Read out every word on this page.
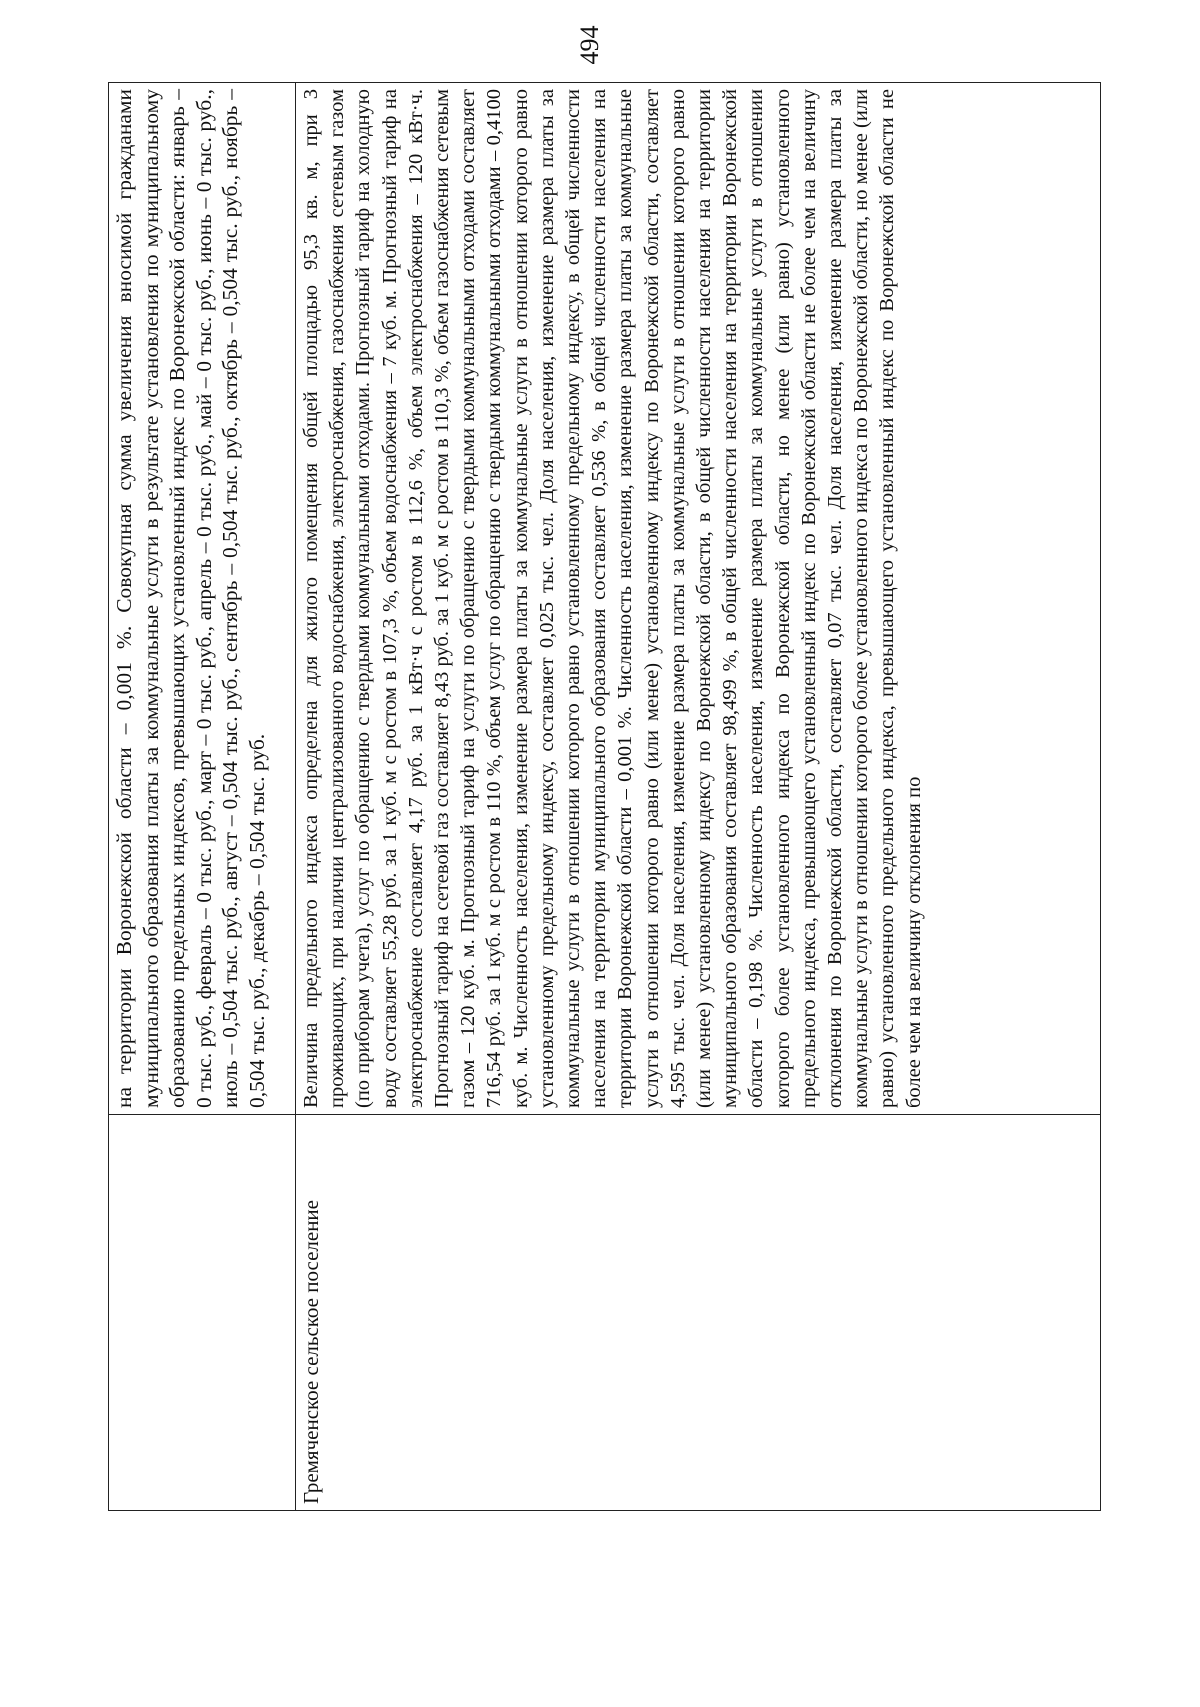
494

	на территории Воронежской области – 0,001 %. Совокупная сумма увеличения вносимой гражданами муниципального образования платы за коммунальные услуги в результате установления по муниципальному образованию предельных индексов, превышающих установленный индекс по Воронежской области: январь – 0 тыс. руб., февраль – 0 тыс. руб., март – 0 тыс. руб., апрель – 0 тыс. руб., май – 0 тыс. руб., июнь – 0 тыс. руб., июль – 0,504 тыс. руб., август – 0,504 тыс. руб., сентябрь – 0,504 тыс. руб., октябрь – 0,504 тыс. руб., ноябрь – 0,504 тыс. руб., декабрь – 0,504 тыс. руб.

Гремяченское сельское поселение	Величина предельного индекса определена для жилого помещения общей площадью 95,3 кв. м, при 3 проживающих, при наличии централизованного водоснабжения, электроснабжения, газоснабжения сетевым газом (по приборам учета), услуг по обращению с твердыми коммунальными отходами. Прогнозный тариф на холодную воду составляет 55,28 руб. за 1 куб. м с ростом в 107,3 %, объем водоснабжения – 7 куб. м. Прогнозный тариф на электроснабжение составляет 4,17 руб. за 1 кВт·ч с ростом в 112,6 %, объем электроснабжения – 120 кВт·ч. Прогнозный тариф на сетевой газ составляет 8,43 руб. за 1 куб. м с ростом в 110,3 %, объем газоснабжения сетевым газом – 120 куб. м. Прогнозный тариф на услуги по обращению с твердыми коммунальными отходами составляет 716,54 руб. за 1 куб. м с ростом в 110 %, объем услуг по обращению с твердыми коммунальными отходами – 0,4100 куб. м. Численность населения, изменение размера платы за коммунальные услуги в отношении которого равно установленному предельному индексу, составляет 0,025 тыс. чел. Доля населения, изменение размера платы за коммунальные услуги в отношении которого равно установленному предельному индексу, в общей численности населения на территории муниципального образования составляет 0,536 %, в общей численности населения на территории Воронежской области – 0,001 %. Численность населения, изменение размера платы за коммунальные услуги в отношении которого равно (или менее) установленному индексу по Воронежской области, составляет 4,595 тыс. чел. Доля населения, изменение размера платы за коммунальные услуги в отношении которого равно (или менее) установленному индексу по Воронежской области, в общей численности населения на территории муниципального образования составляет 98,499 %, в общей численности населения на территории Воронежской области – 0,198 %. Численность населения, изменение размера платы за коммунальные услуги в отношении которого более установленного индекса по Воронежской области, но менее (или равно) установленного предельного индекса, превышающего установленный индекс по Воронежской области не более чем на величину отклонения по Воронежской области, составляет 0,07 тыс. чел. Доля населения, изменение размера платы за коммунальные услуги в отношении которого более установленного индекса по Воронежской области, но менее (или равно) установленного предельного индекса, превышающего установленный индекс по Воронежской области не более чем на величину отклонения по
